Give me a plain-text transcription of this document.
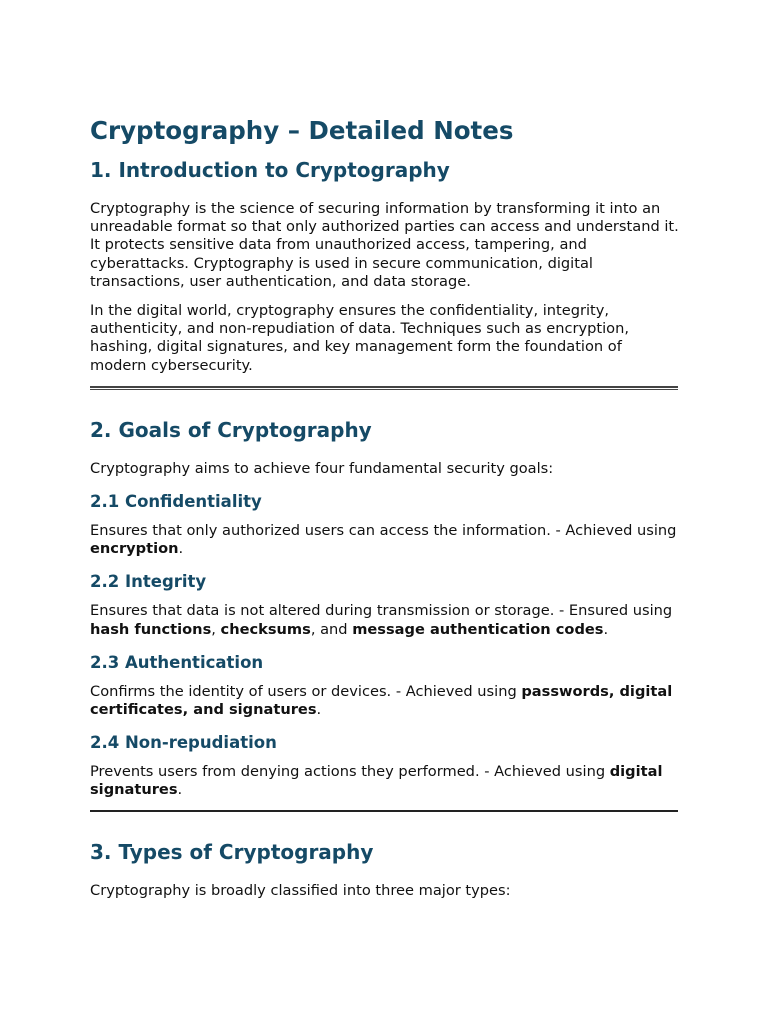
Cryptography – Detailed Notes
1. Introduction to Cryptography

Cryptography is the science of securing information by transforming it into an unreadable format so that only authorized parties can access and understand it. It protects sensitive data from unauthorized access, tampering, and cyberattacks. Cryptography is used in secure communication, digital transactions, user authentication, and data storage.

In the digital world, cryptography ensures the confidentiality, integrity, authenticity, and non-repudiation of data. Techniques such as encryption, hashing, digital signatures, and key management form the foundation of modern cybersecurity.

2. Goals of Cryptography

Cryptography aims to achieve four fundamental security goals:

2.1 Confidentiality

Ensures that only authorized users can access the information. - Achieved using encryption.

2.2 Integrity

Ensures that data is not altered during transmission or storage. - Ensured using hash functions, checksums, and message authentication codes.

2.3 Authentication

Confirms the identity of users or devices. - Achieved using passwords, digital certificates, and signatures.

2.4 Non-repudiation

Prevents users from denying actions they performed. - Achieved using digital signatures.

3. Types of Cryptography

Cryptography is broadly classified into three major types:
